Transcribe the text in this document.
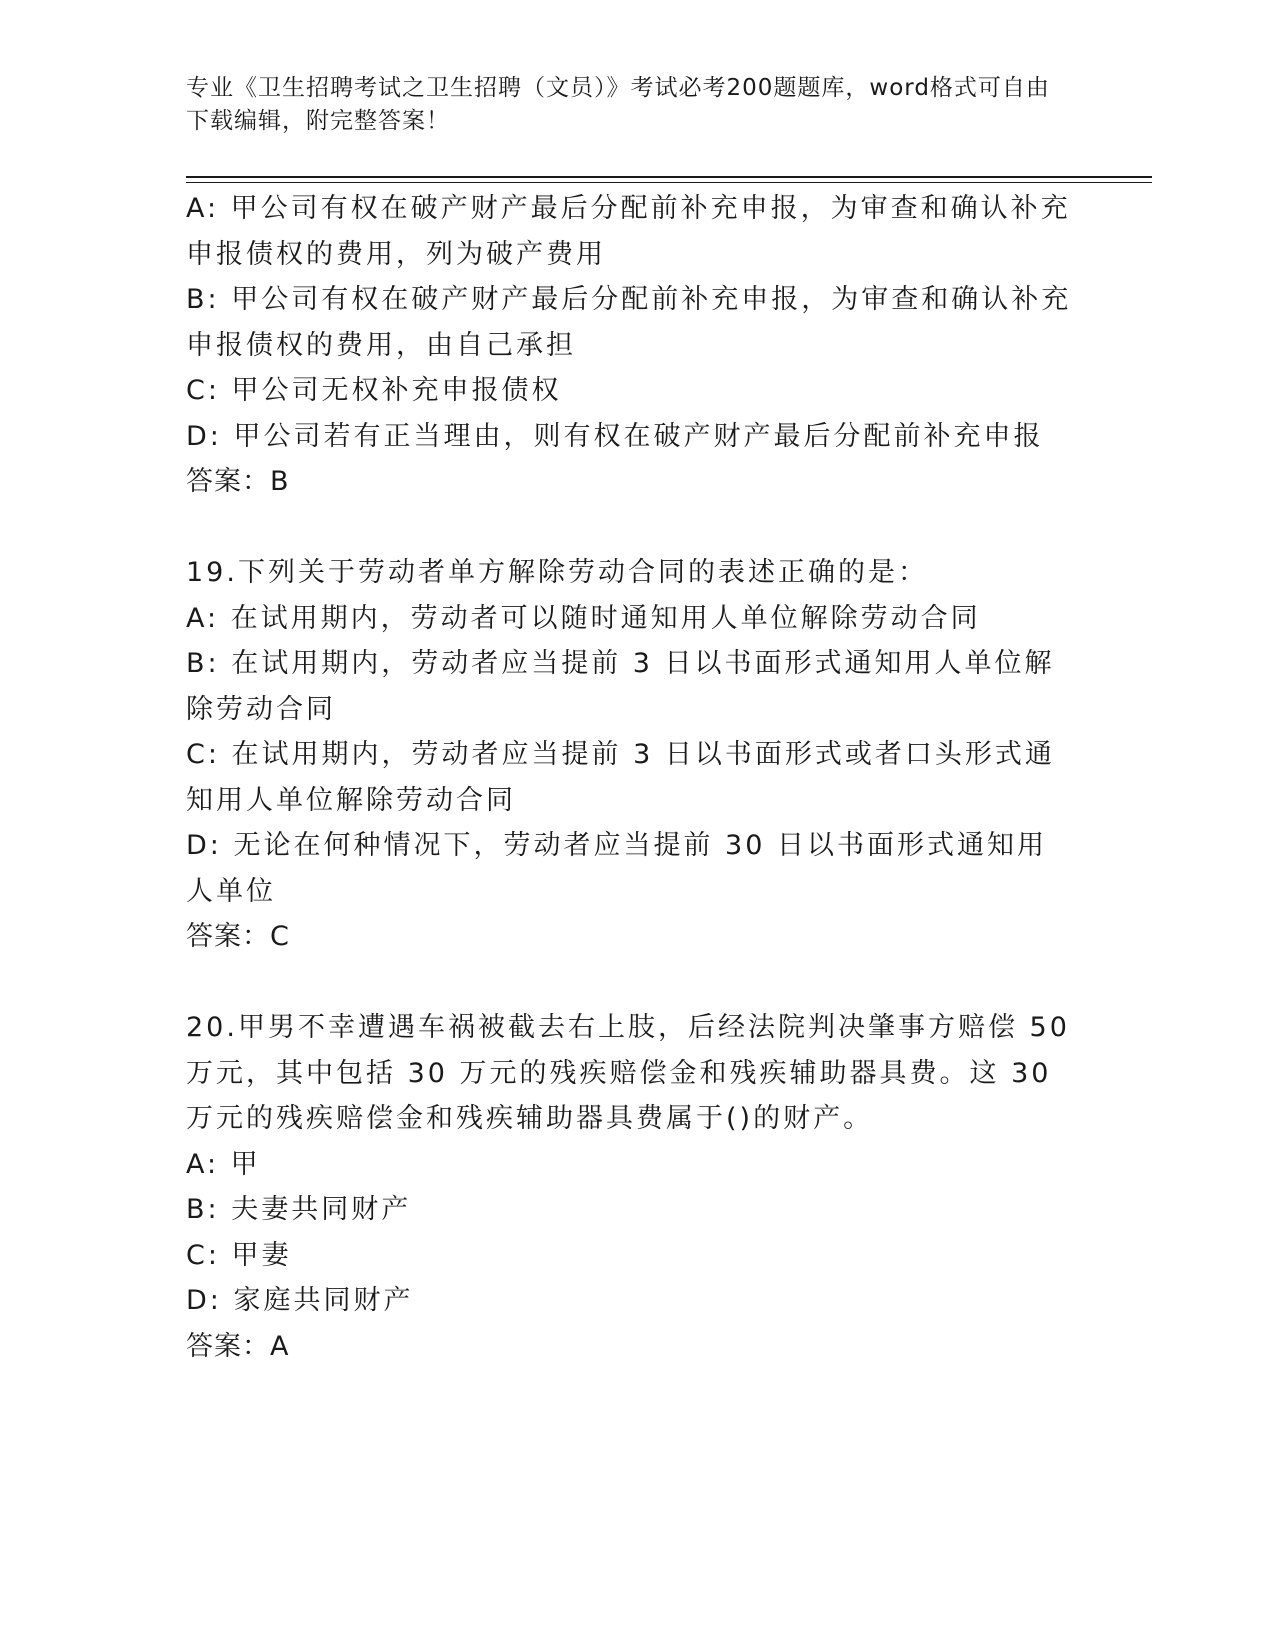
专业《卫生招聘考试之卫生招聘（文员）》考试必考200题题库，word格式可自由下载编辑，附完整答案！
A: 甲公司有权在破产财产最后分配前补充申报，为审查和确认补充申报债权的费用，列为破产费用
B: 甲公司有权在破产财产最后分配前补充申报，为审查和确认补充申报债权的费用，由自己承担
C: 甲公司无权补充申报债权
D: 甲公司若有正当理由，则有权在破产财产最后分配前补充申报
答案：B
19.下列关于劳动者单方解除劳动合同的表述正确的是：
A: 在试用期内，劳动者可以随时通知用人单位解除劳动合同
B: 在试用期内，劳动者应当提前 3 日以书面形式通知用人单位解除劳动合同
C: 在试用期内，劳动者应当提前 3 日以书面形式或者口头形式通知用人单位解除劳动合同
D: 无论在何种情况下，劳动者应当提前 30 日以书面形式通知用人单位
答案：C
20.甲男不幸遭遇车祸被截去右上肢，后经法院判决肇事方赔偿 50 万元，其中包括 30 万元的残疾赔偿金和残疾辅助器具费。这 30 万元的残疾赔偿金和残疾辅助器具费属于()的财产。
A: 甲
B: 夫妻共同财产
C: 甲妻
D: 家庭共同财产
答案：A
